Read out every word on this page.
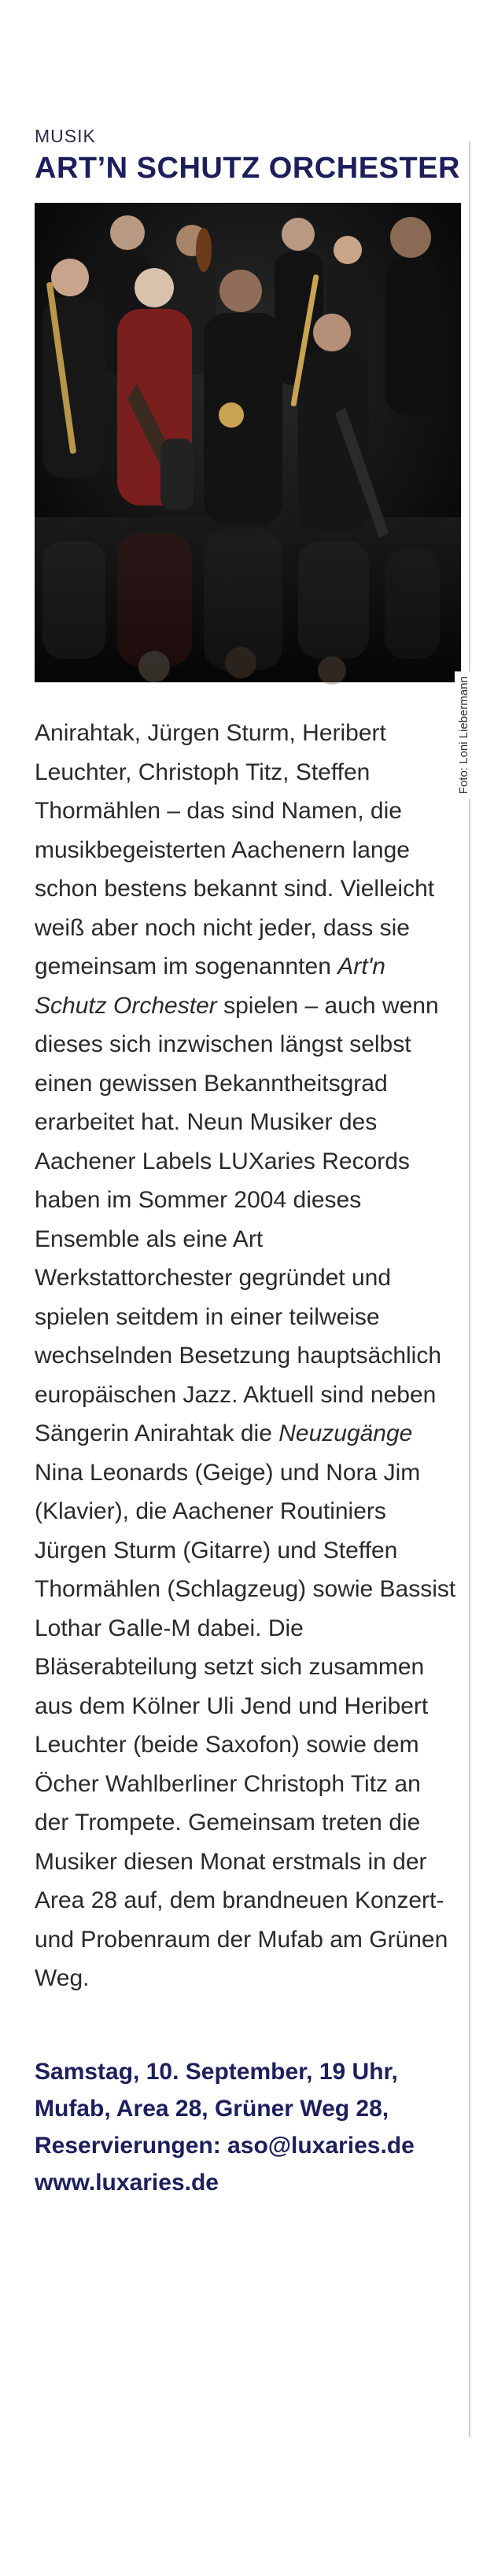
MUSIK
ART’N SCHUTZ ORCHESTER
Foto: Loni Liebermann
Anirahtak, Jürgen Sturm, Heribert Leuchter, Christoph Titz, Steffen Thormählen – das sind Namen, die musikbegeisterten Aachenern lange schon bestens bekannt sind. Vielleicht weiß aber noch nicht jeder, dass sie gemeinsam im sogenannten Art'n Schutz Orchester spielen – auch wenn dieses sich inzwischen längst selbst einen gewissen Bekanntheitsgrad erarbeitet hat. Neun Musiker des Aachener Labels LUXaries Records haben im Sommer 2004 dieses Ensemble als eine Art Werkstattorchester gegründet und spielen seitdem in einer teilweise wechselnden Besetzung hauptsächlich europäischen Jazz. Aktuell sind neben Sängerin Anirahtak die Neuzugänge Nina Leonards (Geige) und Nora Jim (Klavier), die Aachener Routiniers Jürgen Sturm (Gitarre) und Steffen Thormählen (Schlagzeug) sowie Bassist Lothar Galle-M dabei. Die Bläserabteilung setzt sich zusammen aus dem Kölner Uli Jend und Heribert Leuchter (beide Saxofon) sowie dem Öcher Wahlberliner Christoph Titz an der Trompete. Gemeinsam treten die Musiker diesen Monat erstmals in der Area 28 auf, dem brandneuen Konzert- und Probenraum der Mufab am Grünen Weg.
Samstag, 10. September, 19 Uhr,
Mufab, Area 28, Grüner Weg 28,
Reservierungen: aso@luxaries.de
www.luxaries.de
